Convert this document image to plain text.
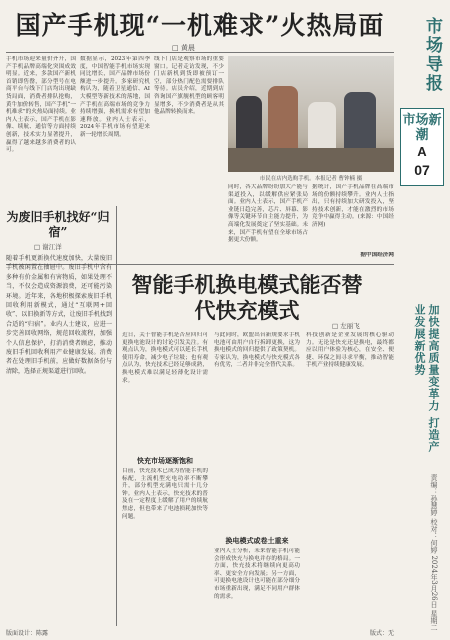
市场导报
市场新潮
A
07
加快提高质量变革力 打造产业发展新优势
责编：孙慧婷 校对：何婷 2024年3月26日 星期二
国产手机现“一机难求”火热局面
□ 黄晨
手机市场迎来量价齐升，国产手机品牌高端化突围成效明显。近来，多款国产新机首销即售罄，部分型号在电商平台与线下门店均出现缺货局面，消费者排队抢购，黄牛加价转售，国产手机“一机难求”的火热局面持续。业内人士表示，国产手机在影像、续航、通信等方面持续创新，技术实力显著提升，赢得了越来越多消费者的认可。
数据显示，2023年第四季度，中国智能手机市场实现同比增长，国产品牌市场份额进一步提升。多家研究机构认为，随着卫星通信、AI大模型等新技术的落地，国产手机在高端市场的竞争力持续增强，换机需求有望加速释放。业内人士表示，2024年手机市场有望迎来新一轮增长周期。
线下门店是观察市场的重要窗口。记者走访发现，不少门店新机到货即被预订一空，部分热门配色需要排队等待。店员介绍，近期到店咨询国产旗舰机型的顾客明显增多，不少消费者是从其他品牌转换而来。
市民在店内选购手机。本报记者 曹钟楠 摄
同时，各大品牌纷纷加大产能与渠道投入，以缓解供应紧张局面。业内人士表示，国产手机产业链日趋完善，芯片、屏幕、影像等关键环节自主能力提升，为高端化发展奠定了坚实基础。未来，国产手机有望在全球市场占据更大份额。
据统计，国产手机品牌在高端市场的份额持续攀升。业内人士指出，只有持续加大研发投入，坚持技术创新，才能在激烈的市场竞争中赢得主动。(来源：中国经济网)
据中国经济网
为废旧手机找好“归宿”
□ 谢江洋
随着手机更新换代速度加快，大量废旧手机被闲置在抽屉中。废旧手机中含有多种有价金属和有害物质，如果处理不当，不仅会造成资源浪费，还可能污染环境。近年来，各地积极探索废旧手机回收利用新模式，通过“互联网+回收”、以旧换新等方式，让废旧手机找到合适的“归宿”。业内人士建议，应进一步完善回收网络，规范回收流程，加强个人信息保护，打消消费者顾虑，推动废旧手机回收利用产业健康发展。消费者在处理旧手机前，应做好数据备份与清除，选择正规渠道进行回收。
智能手机换电模式能否替代快充模式
□ 左丽飞
近日，关于智能手机是否应回归可更换电池设计的讨论引发关注。有观点认为，换电模式可以延长手机使用寿命，减少电子垃圾；也有观点认为，快充技术已经足够成熟，换电模式难以满足轻薄化设计需求。
快充市场逐渐饱和
目前，快充技术已成为智能手机的标配，主流机型充电功率不断攀升，部分机型充满电只需十几分钟。业内人士表示，快充技术的普及在一定程度上缓解了用户的续航焦虑，但也带来了电池损耗加快等问题。
与此同时，欧盟出台新规要求手机电池可由用户自行拆卸更换，这为换电模式的回归提供了政策契机。专家认为，换电模式与快充模式各有优劣，二者并非完全替代关系。
换电模式或卷土重来
业内人士分析，未来智能手机可能会形成快充与换电并存的格局。一方面，快充技术将继续向更高功率、更安全方向发展；另一方面，可更换电池设计也可能在部分细分市场重新出现，满足不同用户群体的需求。
科技创新是企业发展的核心驱动力。无论是快充还是换电，最终都应以用户体验为核心，在安全、便捷、环保之间寻求平衡，推动智能手机产业持续健康发展。
版面设计：陈露	版式：无
